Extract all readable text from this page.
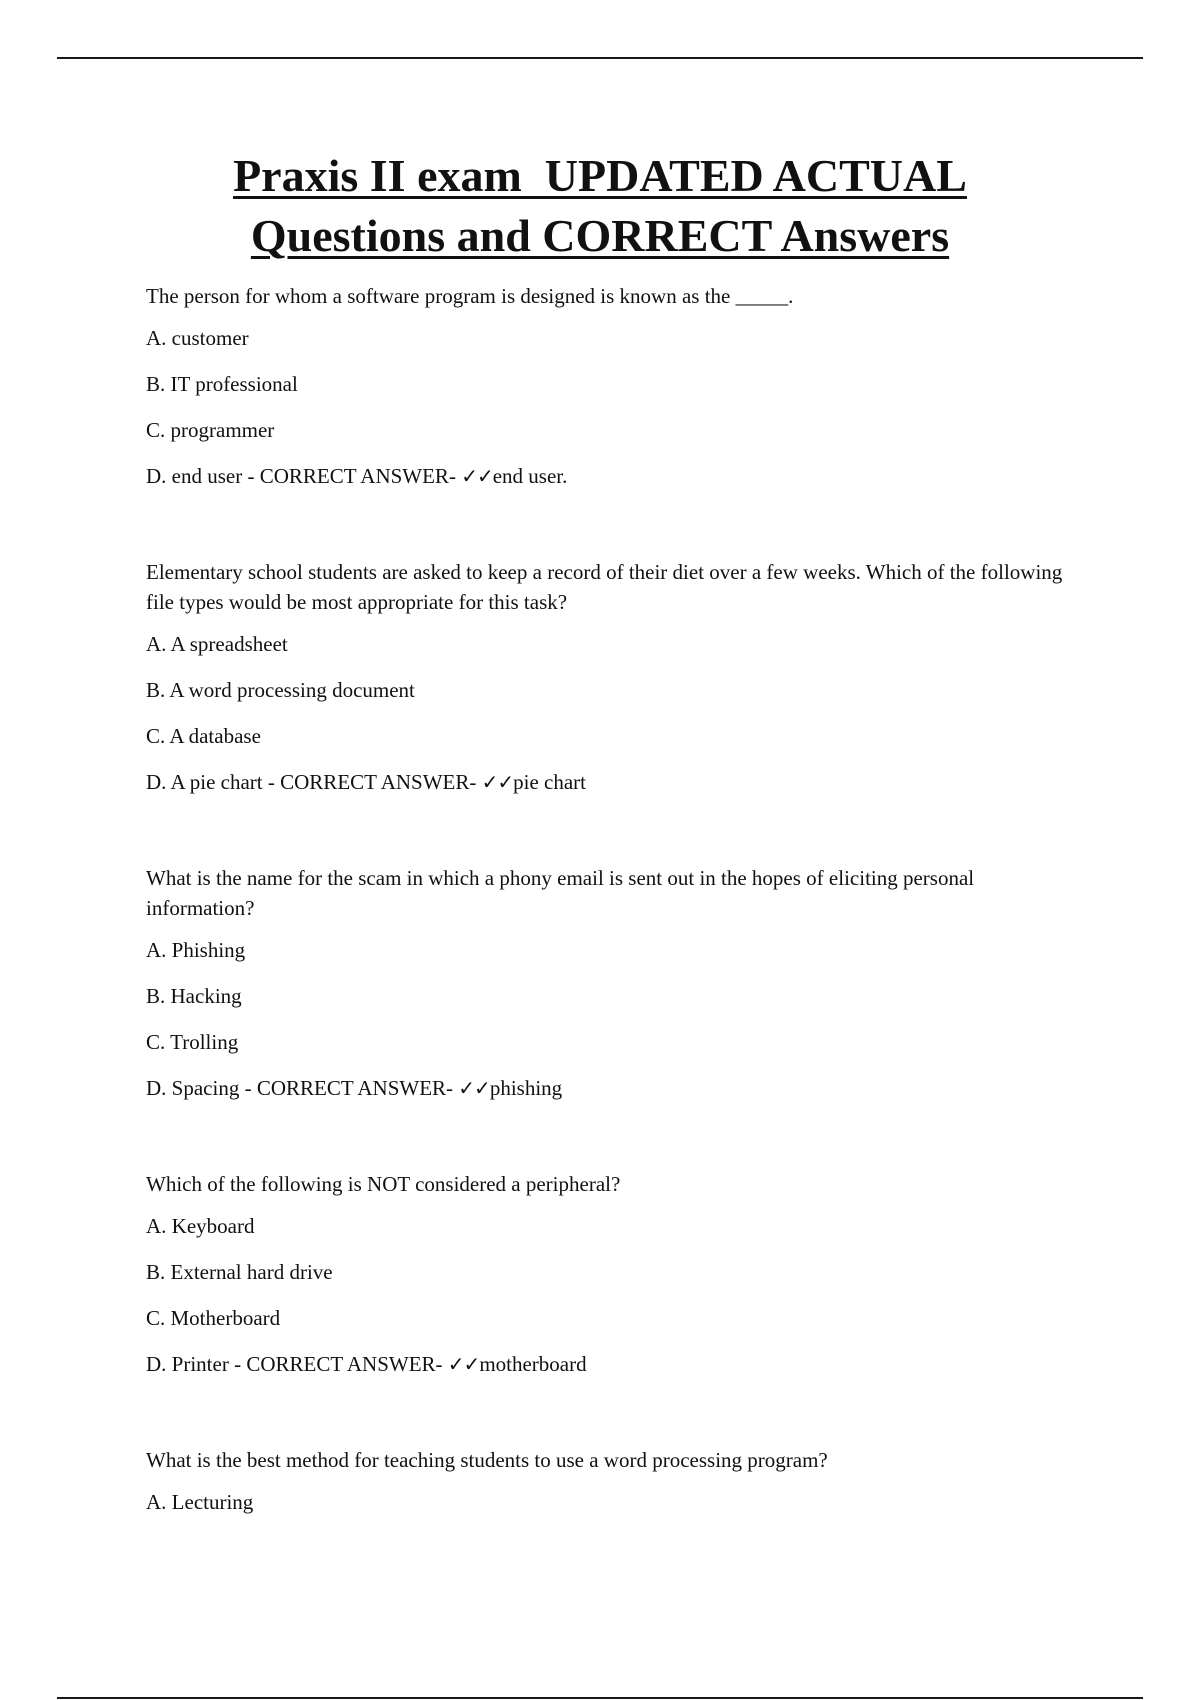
Praxis II exam  UPDATED ACTUAL
Questions and CORRECT Answers

The person for whom a software program is designed is known as the _____.

A. customer

B. IT professional

C. programmer

D. end user - CORRECT ANSWER- ✓✓end user.

Elementary school students are asked to keep a record of their diet over a few weeks. Which of the following file types would be most appropriate for this task?

A. A spreadsheet

B. A word processing document

C. A database

D. A pie chart - CORRECT ANSWER- ✓✓pie chart

What is the name for the scam in which a phony email is sent out in the hopes of eliciting personal information?

A. Phishing

B. Hacking

C. Trolling

D. Spacing - CORRECT ANSWER- ✓✓phishing

Which of the following is NOT considered a peripheral?

A. Keyboard

B. External hard drive

C. Motherboard

D. Printer - CORRECT ANSWER- ✓✓motherboard

What is the best method for teaching students to use a word processing program?

A. Lecturing
